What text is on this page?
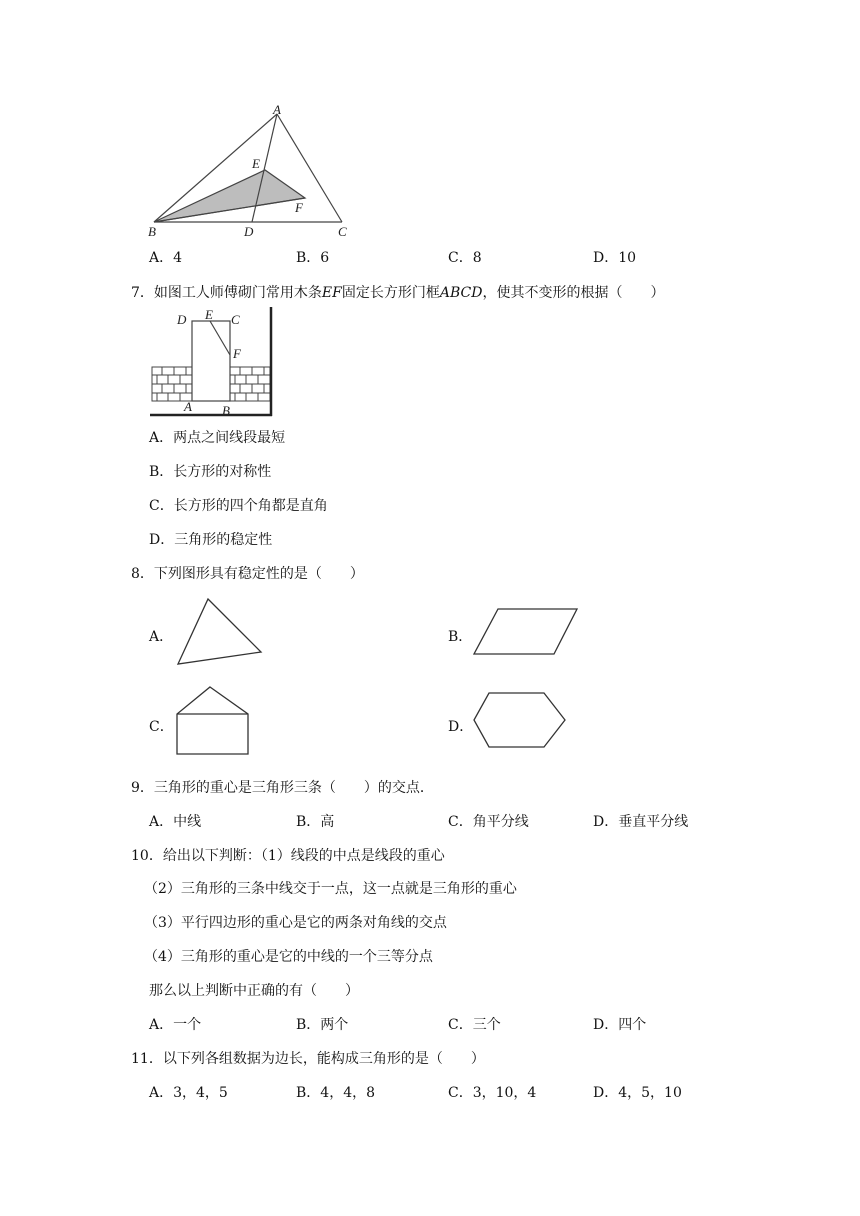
A
E
F
B	D	C
A．4	B．6	C．8	D．10
7．如图工人师傅砌门常用木条EF固定长方形门框ABCD，使其不变形的根据（　　）
D E C
F
A B
A．两点之间线段最短
B．长方形的对称性
C．长方形的四个角都是直角
D．三角形的稳定性
8．下列图形具有稳定性的是（　　）
A．	B．
C．	D．
9．三角形的重心是三角形三条（　　）的交点．
A．中线	B．高	C．角平分线	D．垂直平分线
10．给出以下判断：（1）线段的中点是线段的重心
（2）三角形的三条中线交于一点，这一点就是三角形的重心
（3）平行四边形的重心是它的两条对角线的交点
（4）三角形的重心是它的中线的一个三等分点
那么以上判断中正确的有（　　）
A．一个	B．两个	C．三个	D．四个
11．以下列各组数据为边长，能构成三角形的是（　　）
A．3，4，5	B．4，4，8	C．3，10，4	D．4，5，10
